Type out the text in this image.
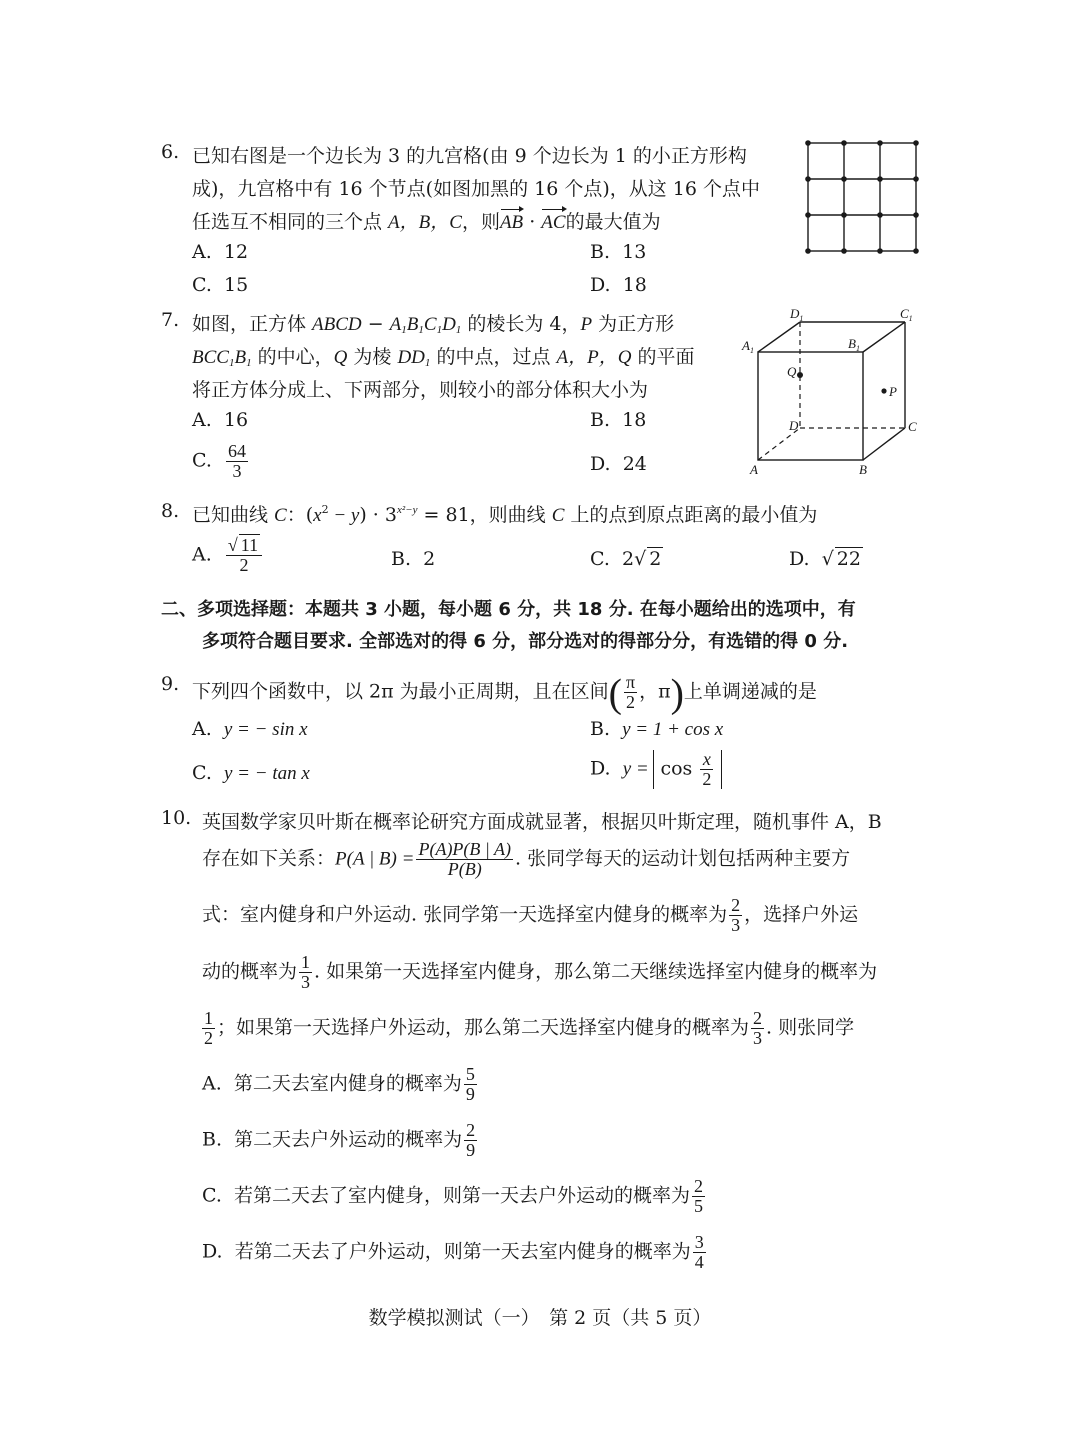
6. 已知右图是一个边长为 3 的九宫格(由 9 个边长为 1 的小正方形构
成)，九宫格中有 16 个节点(如图加黑的 16 个点)，从这 16 个点中
任选互不相同的三个点 A，B，C，则AB · AC的最大值为
A. 12	B. 13
C. 15	D. 18
7. 如图，正方体 ABCD − $A_1B_1C_1D_1$ 的棱长为 4，P 为正方形
$BCC_1B_1$ 的中心，Q 为棱 $DD_1$ 的中点，过点 A，P，Q 的平面
将正方体分成上、下两部分，则较小的部分体积大小为
A. 16	B. 18
C. $\frac{64}{3}$	D. 24
$D_1$	$C_1$
$A_1$	$B_1$
Q
P
D	C
A	B
8. 已知曲线 C：$(x^2 - y) \cdot 3^{x^2-y} = 81$，则曲线 C 上的点到原点距离的最小值为
A. $\frac{√ 11}{2}$	B. 2	C. 2√ 2	D.  √ 22
二、多项选择题：本题共 3 小题，每小题 6 分，共 18 分. 在每小题给出的选项中，有
多项符合题目要求. 全部选对的得 6 分，部分选对的得部分分，有选错的得 0 分.
9. 下列四个函数中，以 2π 为最小正周期，且在区间( $\frac{\pi}{2}$ ，π)上单调递减的是
A. y = − sin x	B. y = 1 + cos x
C. y = − tan x	D. $y = \cos \frac{x}{2}$
10. 英国数学家贝叶斯在概率论研究方面成就显著，根据贝叶斯定理，随机事件 A，B
存在如下关系：P(A | $B) = \frac{P(A)P(B | A)}{P(B)}$ . 张同学每天的运动计划包括两种主要方
式：室内健身和户外运动. 张同学第一天选择室内健身的概率为 $\frac{2}{3}$ ，选择户外运
动的概率为 $\frac{1}{3}$ . 如果第一天选择室内健身，那么第二天继续选择室内健身的概率为
$\frac{1}{2}$ ；如果第一天选择户外运动，那么第二天选择室内健身的概率为 $\frac{2}{3}$ . 则张同学
A. 第二天去室内健身的概率为 $\frac{5}{9}$
B. 第二天去户外运动的概率为 $\frac{2}{9}$
C. 若第二天去了室内健身，则第一天去户外运动的概率为 $\frac{2}{5}$
D. 若第二天去了户外运动，则第一天去室内健身的概率为 $\frac{3}{4}$
数学模拟测试（一）　第 2 页（共 5 页）
